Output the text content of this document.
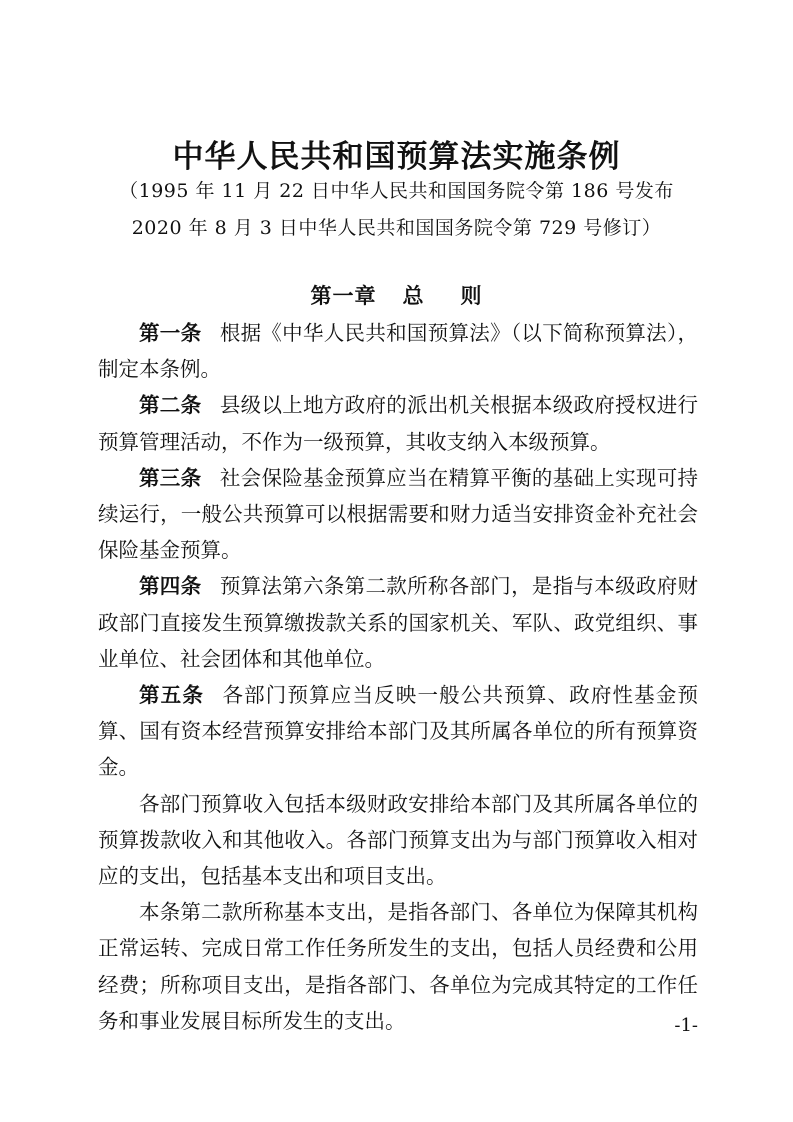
中华人民共和国预算法实施条例
（1995 年 11 月 22 日中华人民共和国国务院令第 186 号发布
2020 年 8 月 3 日中华人民共和国国务院令第 729 号修订）
第一章 总 则

第一条 根据《中华人民共和国预算法》（以下简称预算法），制定本条例。

第二条 县级以上地方政府的派出机关根据本级政府授权进行预算管理活动，不作为一级预算，其收支纳入本级预算。

第三条 社会保险基金预算应当在精算平衡的基础上实现可持续运行，一般公共预算可以根据需要和财力适当安排资金补充社会保险基金预算。

第四条 预算法第六条第二款所称各部门，是指与本级政府财政部门直接发生预算缴拨款关系的国家机关、军队、政党组织、事业单位、社会团体和其他单位。

第五条 各部门预算应当反映一般公共预算、政府性基金预算、国有资本经营预算安排给本部门及其所属各单位的所有预算资金。

各部门预算收入包括本级财政安排给本部门及其所属各单位的预算拨款收入和其他收入。各部门预算支出为与部门预算收入相对应的支出，包括基本支出和项目支出。

本条第二款所称基本支出，是指各部门、各单位为保障其机构正常运转、完成日常工作任务所发生的支出，包括人员经费和公用经费；所称项目支出，是指各部门、各单位为完成其特定的工作任务和事业发展目标所发生的支出。	-1-
